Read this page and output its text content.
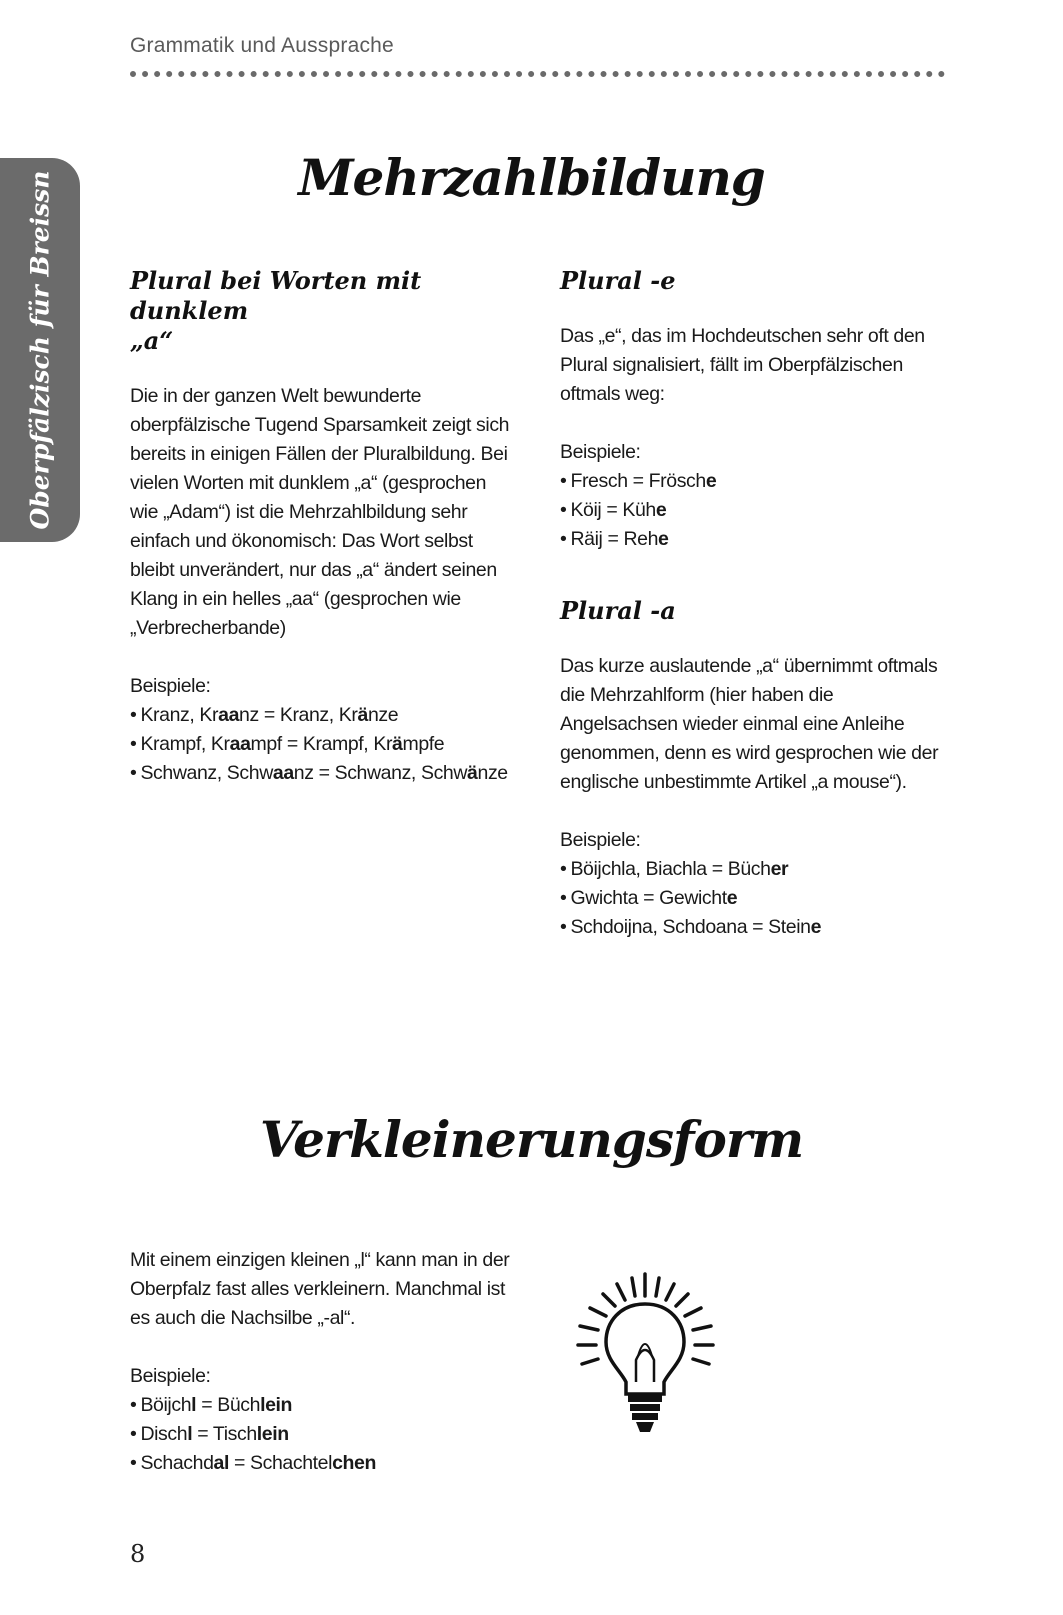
Grammatik und Aussprache
Oberpfälzisch für Breissn	Mehrzahlbildung
Plural bei Worten mit dunklem
„a“

Die in der ganzen Welt bewunderte oberpfälzische Tugend Sparsamkeit zeigt sich bereits in einigen Fällen der Pluralbildung. Bei vielen Worten mit dunklem „a“ (gesprochen wie „Adam“) ist die Mehrzahlbildung sehr einfach und ökonomisch: Das Wort selbst bleibt unverändert, nur das „a“ ändert seinen Klang in ein helles „aa“ (gesprochen wie „Verbrecherbande)

Beispiele:

• Kranz, Kraanz = Kranz, Kränze
• Krampf, Kraampf = Krampf, Krämpfe
• Schwanz, Schwaanz = Schwanz, Schwänze
Plural -e

Das „e“, das im Hochdeutschen sehr oft den Plural signalisiert, fällt im Oberpfälzischen oftmals weg:

Beispiele:

• Fresch = Frösche
• Köij = Kühe
• Räij = Rehe
Plural -a

Das kurze auslautende „a“ übernimmt oftmals die Mehrzahlform (hier haben die Angelsachsen wieder einmal eine Anleihe genommen, denn es wird gesprochen wie der englische unbestimmte Artikel „a mouse“).

Beispiele:

• Böijchla, Biachla = Bücher
• Gwichta = Gewichte
• Schdoijna, Schdoana = Steine
Verkleinerungsform

Mit einem einzigen kleinen „l“ kann man in der Oberpfalz fast alles verkleinern. Manchmal ist es auch die Nachsilbe „-al“.

Beispiele:

• Böijchl = Büchlein
• Dischl = Tischlein
• Schachdal = Schachtelchen
8
